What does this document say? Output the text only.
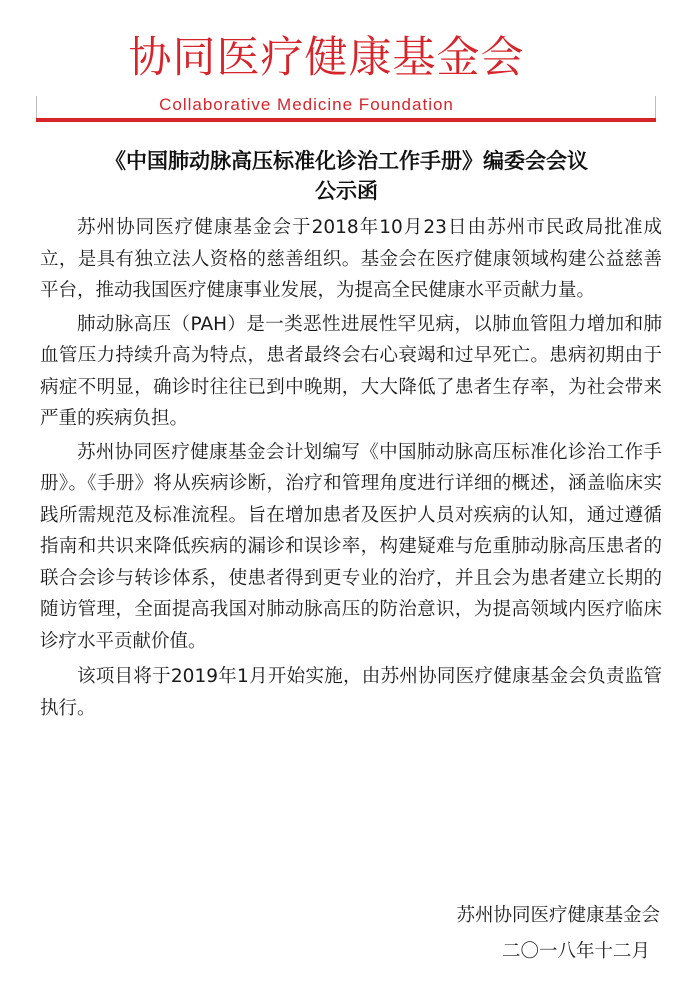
协同医疗健康基金会
Collaborative Medicine Foundation
《中国肺动脉高压标准化诊治工作手册》编委会会议
公示函

苏州协同医疗健康基金会于2018年10月23日由苏州市民政局批准成立，是具有独立法人资格的慈善组织。基金会在医疗健康领域构建公益慈善平台，推动我国医疗健康事业发展，为提高全民健康水平贡献力量。

肺动脉高压（PAH）是一类恶性进展性罕见病，以肺血管阻力增加和肺血管压力持续升高为特点，患者最终会右心衰竭和过早死亡。患病初期由于病症不明显，确诊时往往已到中晚期，大大降低了患者生存率，为社会带来严重的疾病负担。

苏州协同医疗健康基金会计划编写《中国肺动脉高压标准化诊治工作手册》。《手册》将从疾病诊断，治疗和管理角度进行详细的概述，涵盖临床实践所需规范及标准流程。旨在增加患者及医护人员对疾病的认知，通过遵循指南和共识来降低疾病的漏诊和误诊率，构建疑难与危重肺动脉高压患者的联合会诊与转诊体系，使患者得到更专业的治疗，并且会为患者建立长期的随访管理，全面提高我国对肺动脉高压的防治意识，为提高领域内医疗临床诊疗水平贡献价值。

该项目将于2019年1月开始实施，由苏州协同医疗健康基金会负责监管执行。

苏州协同医疗健康基金会
二〇一八年十二月
